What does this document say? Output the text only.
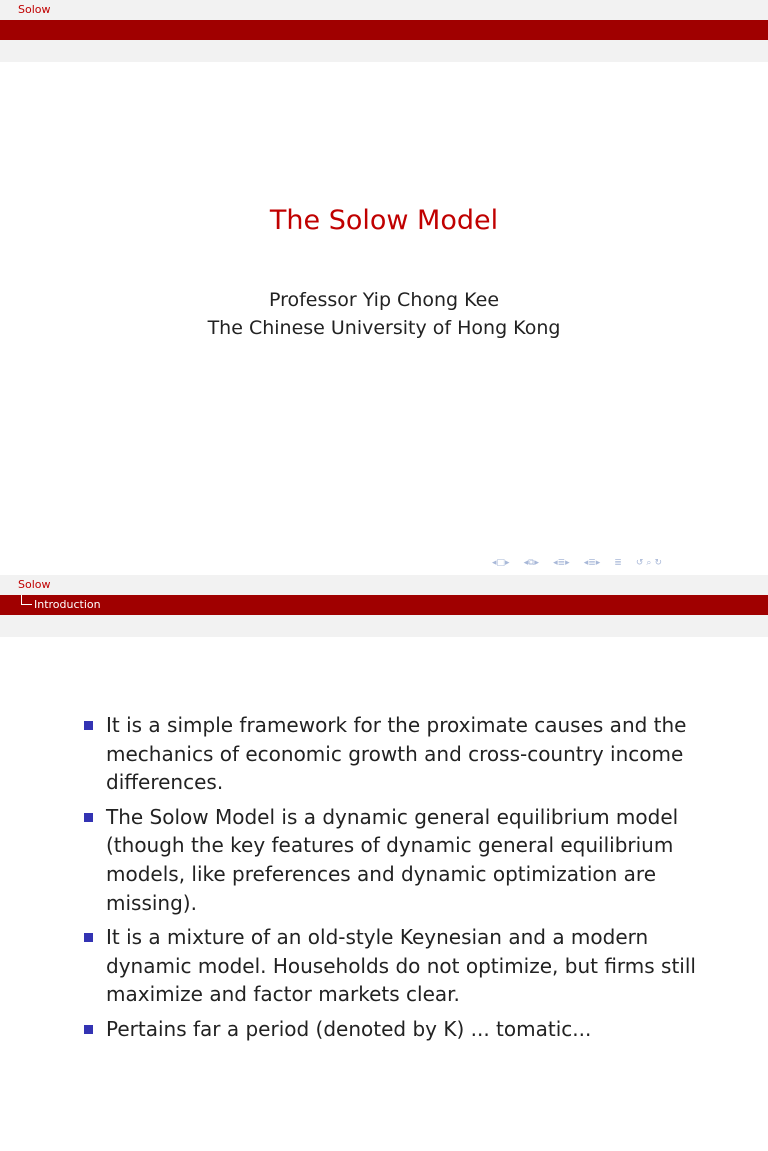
Solow
The Solow Model
Professor Yip Chong Kee
The Chinese University of Hong Kong
◂ □ ▸ ◂ ⧉ ▸ ◂ ≣ ▸ ◂ ≣ ▸ ≣ ↺ ⌕ ↻
Solow
Introduction
It is a simple framework for the proximate causes and the mechanics of economic growth and cross-country income differences.
The Solow Model is a dynamic general equilibrium model (though the key features of dynamic general equilibrium models, like preferences and dynamic optimization are missing).
It is a mixture of an old-style Keynesian and a modern dynamic model. Households do not optimize, but firms still maximize and factor markets clear.
Pertains far a period (denoted by K) ... tomatic...
